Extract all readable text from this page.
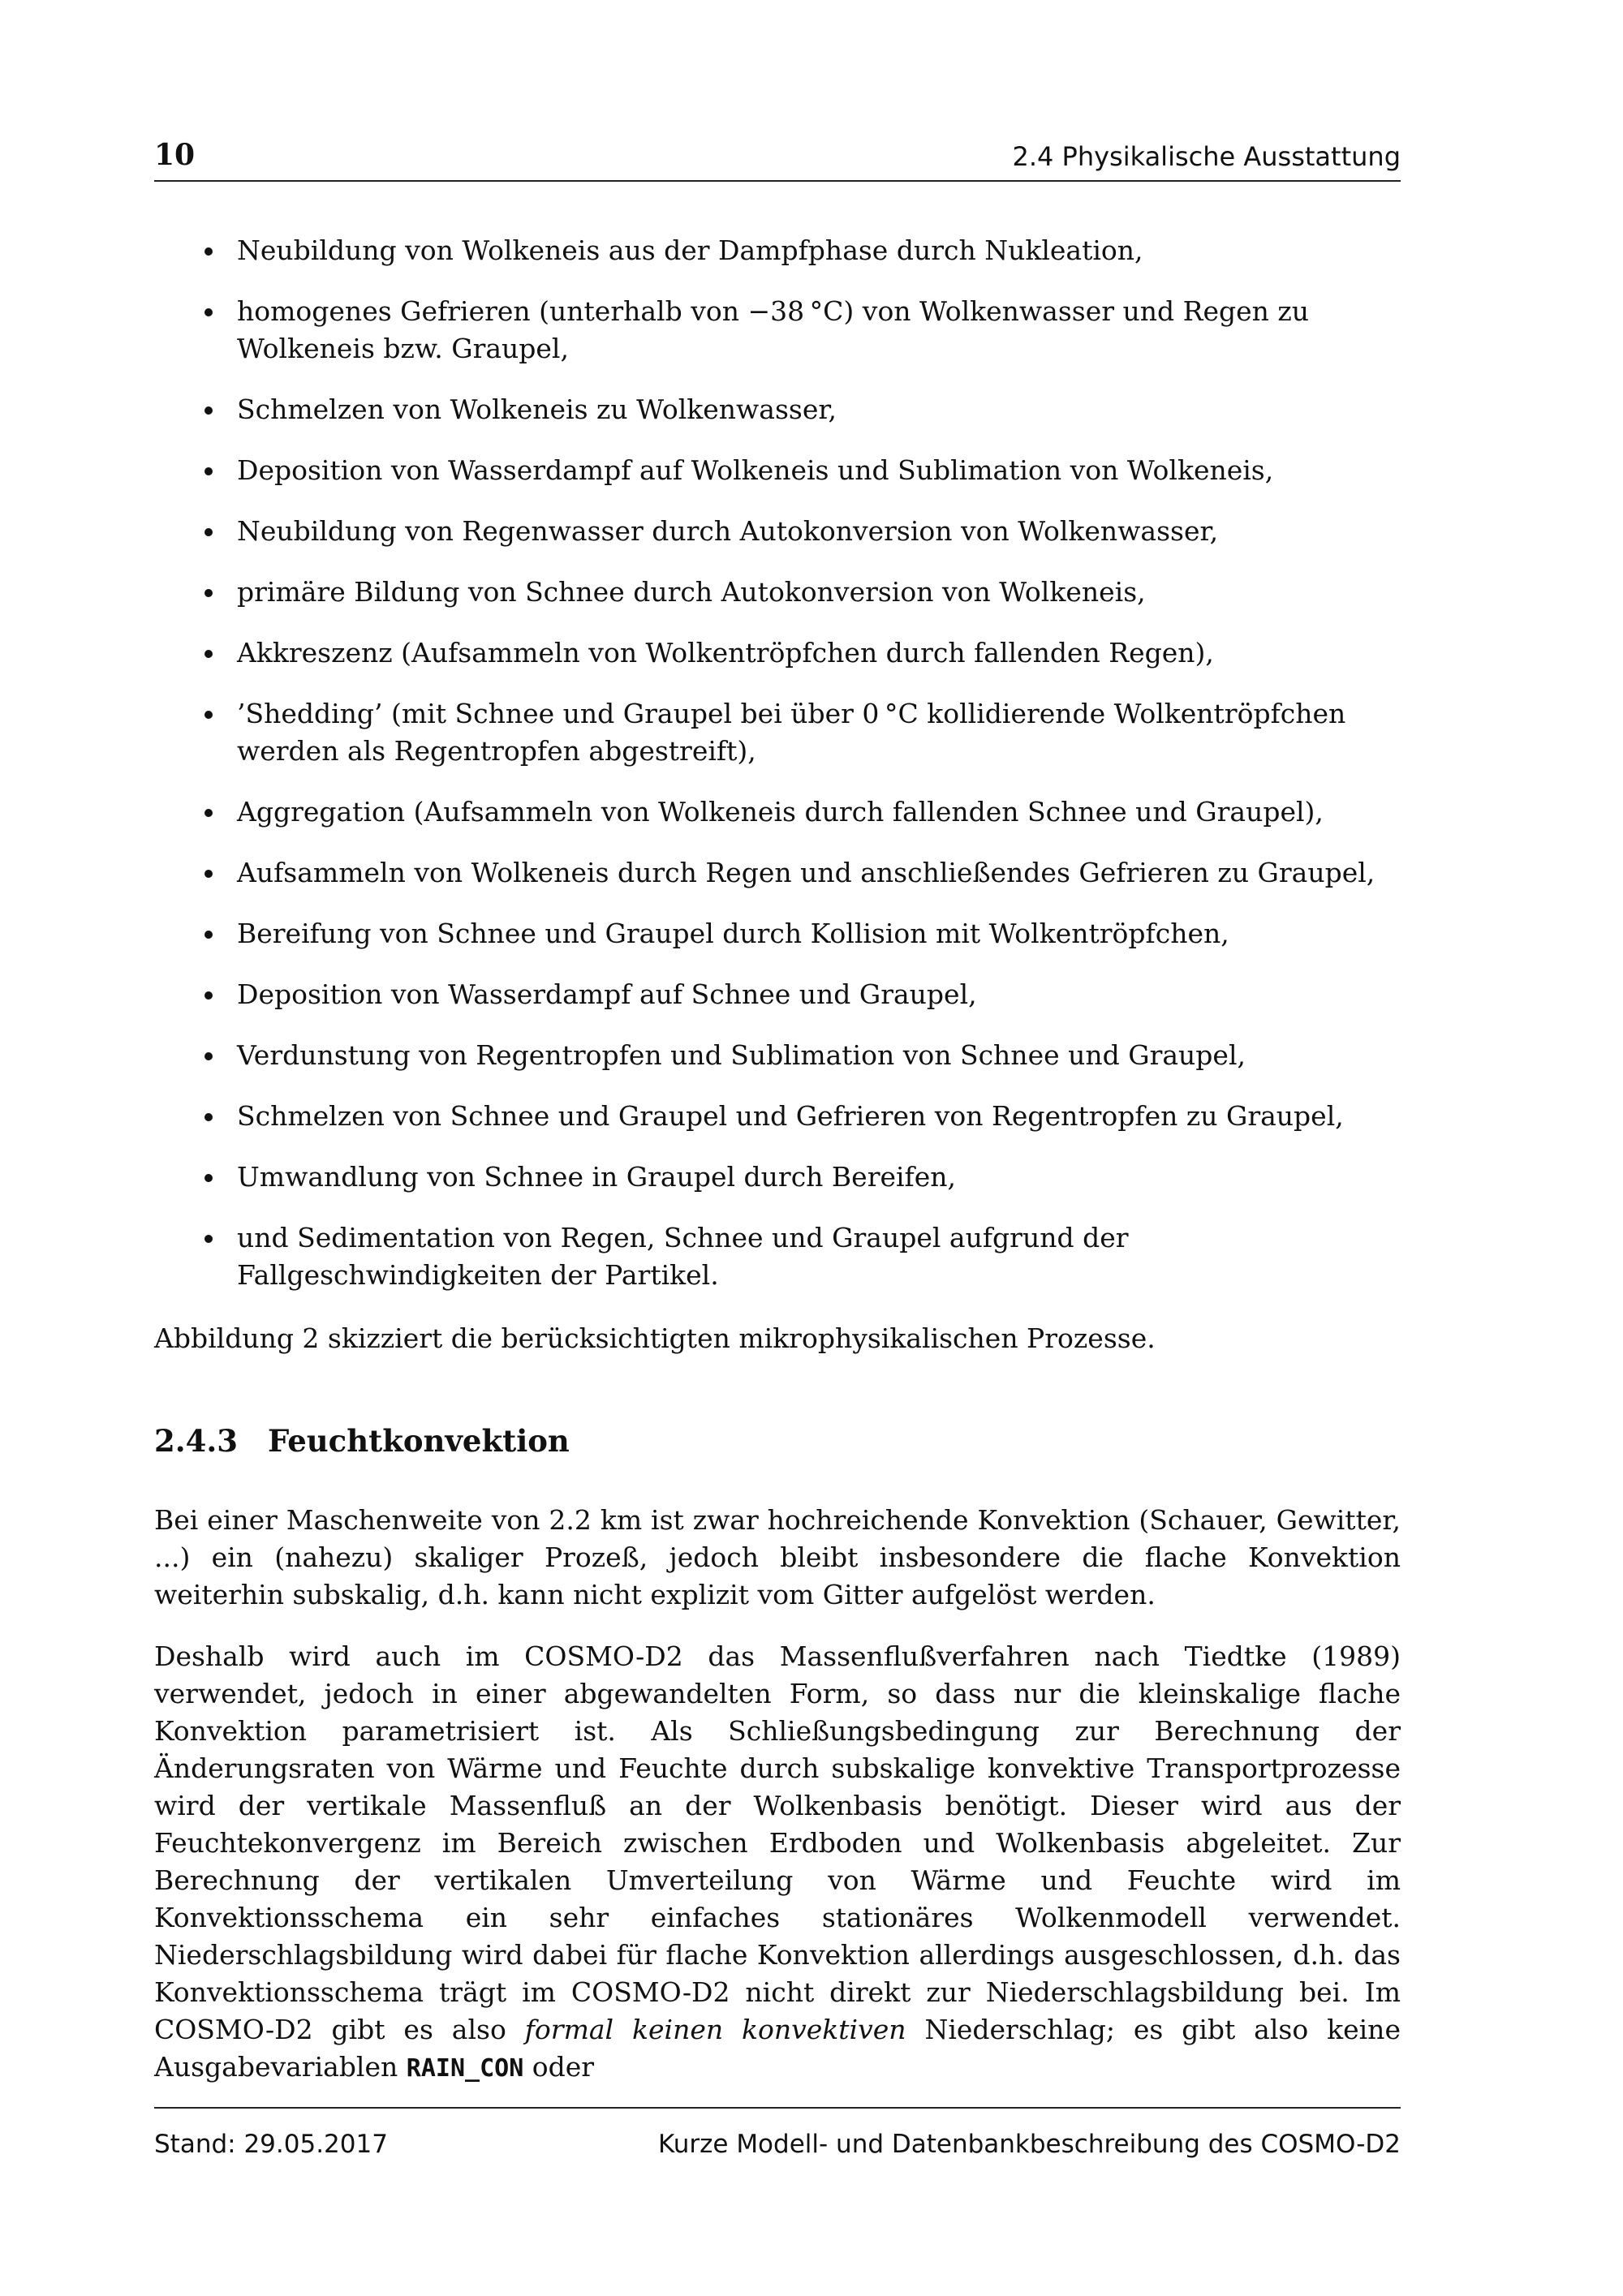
10	2.4 Physikalische Ausstattung
Neubildung von Wolkeneis aus der Dampfphase durch Nukleation,
homogenes Gefrieren (unterhalb von −38 °C) von Wolkenwasser und Regen zu Wolkeneis bzw. Graupel,
Schmelzen von Wolkeneis zu Wolkenwasser,
Deposition von Wasserdampf auf Wolkeneis und Sublimation von Wolkeneis,
Neubildung von Regenwasser durch Autokonversion von Wolkenwasser,
primäre Bildung von Schnee durch Autokonversion von Wolkeneis,
Akkreszenz (Aufsammeln von Wolkentröpfchen durch fallenden Regen),
’Shedding’ (mit Schnee und Graupel bei über 0 °C kollidierende Wolkentröpfchen werden als Regentropfen abgestreift),
Aggregation (Aufsammeln von Wolkeneis durch fallenden Schnee und Graupel),
Aufsammeln von Wolkeneis durch Regen und anschließendes Gefrieren zu Graupel,
Bereifung von Schnee und Graupel durch Kollision mit Wolkentröpfchen,
Deposition von Wasserdampf auf Schnee und Graupel,
Verdunstung von Regentropfen und Sublimation von Schnee und Graupel,
Schmelzen von Schnee und Graupel und Gefrieren von Regentropfen zu Graupel,
Umwandlung von Schnee in Graupel durch Bereifen,
und Sedimentation von Regen, Schnee und Graupel aufgrund der Fallgeschwindigkeiten der Partikel.

Abbildung 2 skizziert die berücksichtigten mikrophysikalischen Prozesse.

2.4.3 Feuchtkonvektion

Bei einer Maschenweite von 2.2 km ist zwar hochreichende Konvektion (Schauer, Gewitter, ...) ein (nahezu) skaliger Prozeß, jedoch bleibt insbesondere die flache Konvektion weiterhin subskalig, d.h. kann nicht explizit vom Gitter aufgelöst werden.

Deshalb wird auch im COSMO-D2 das Massenflußverfahren nach Tiedtke (1989) verwendet, jedoch in einer abgewandelten Form, so dass nur die kleinskalige flache Konvektion parametrisiert ist. Als Schließungsbedingung zur Berechnung der Änderungsraten von Wärme und Feuchte durch subskalige konvektive Transportprozesse wird der vertikale Massenfluß an der Wolkenbasis benötigt. Dieser wird aus der Feuchtekonvergenz im Bereich zwischen Erdboden und Wolkenbasis abgeleitet. Zur Berechnung der vertikalen Umverteilung von Wärme und Feuchte wird im Konvektionsschema ein sehr einfaches stationäres Wolkenmodell verwendet. Niederschlagsbildung wird dabei für flache Konvektion allerdings ausgeschlossen, d.h. das Konvektionsschema trägt im COSMO-D2 nicht direkt zur Niederschlagsbildung bei. Im COSMO-D2 gibt es also formal keinen konvektiven Niederschlag; es gibt also keine Ausgabevariablen RAIN_CON oder

Stand: 29.05.2017	Kurze Modell- und Datenbankbeschreibung des COSMO-D2
